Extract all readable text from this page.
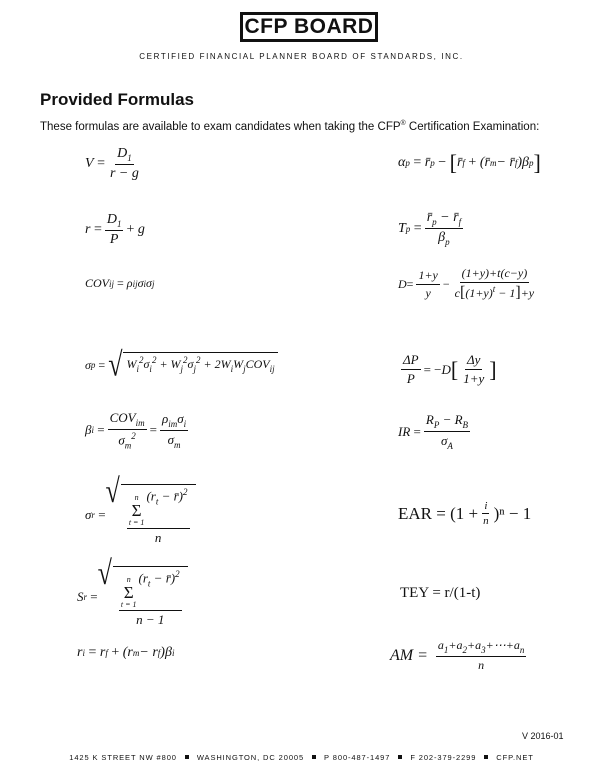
CFP BOARD
CERTIFIED FINANCIAL PLANNER BOARD OF STANDARDS, INC.
Provided Formulas
These formulas are available to exam candidates when taking the CFP® Certification Examination:
$V = \frac{D_1}{r - g}$
$r = \frac{D_1}{P} + g$
COV ij = ρ ij σ i σ j
σ p = √ $W_i^2\sigma_i^2 + W_j^2\sigma_j^2 + 2W_iW_jCOV_{ij}$
β $i = \frac{COV_{im}}{\sigma_m^2} = \frac{\rho_{im}\sigma_i}{\sigma_m}$
σ r =
√ n
Σ
t = 1
($r_t$ − r̄)$^2$
n
S r =
√ n
Σ
t = 1
($r_t$ − r̄)$^2$
n − 1
r i = r f + (r m − r f )β i
α p = r̄ p − [ r̄ f + (r̄ m − r̄ f )β p ]
T $p = \frac{r̄_p - r̄_f}{\beta_p}$
$D = \frac{1+y}{y} - \frac{(1+y)+t(c-y)}{c[(1+y)^t - 1]+y}$
$\frac{\Delta P}{P}$ = − D [ $\frac{\Delta y}{1+y}$ ]
IR = $\frac{R_P - R_B}{\sigma_A}$
EAR = $(1 + \frac{i}{n} )^n - 1$
TEY = r/(1-t)
AM = $\frac{a_1+a_2+a_3+\cdots+a_n}{n}$
V 2016-01
1425 K STREET NW #800	WASHINGTON, DC 20005	P 800-487-1497	F 202-379-2299	CFP.NET
